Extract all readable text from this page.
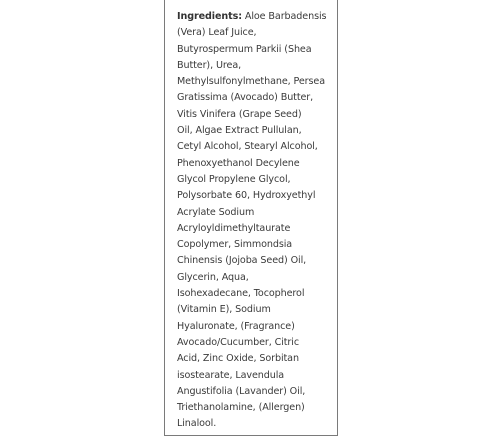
Ingredients: Aloe Barbadensis
(Vera) Leaf Juice,
Butyrospermum Parkii (Shea
Butter), Urea,
Methylsulfonylmethane, Persea
Gratissima (Avocado) Butter,
Vitis Vinifera (Grape Seed)
Oil, Algae Extract Pullulan,
Cetyl Alcohol, Stearyl Alcohol,
Phenoxyethanol Decylene
Glycol Propylene Glycol,
Polysorbate 60, Hydroxyethyl
Acrylate Sodium
Acryloyldimethyltaurate
Copolymer, Simmondsia
Chinensis (Jojoba Seed) Oil,
Glycerin, Aqua,
Isohexadecane, Tocopherol
(Vitamin E), Sodium
Hyaluronate, (Fragrance)
Avocado/Cucumber, Citric
Acid, Zinc Oxide, Sorbitan
isostearate, Lavendula
Angustifolia (Lavander) Oil,
Triethanolamine, (Allergen)
Linalool.
